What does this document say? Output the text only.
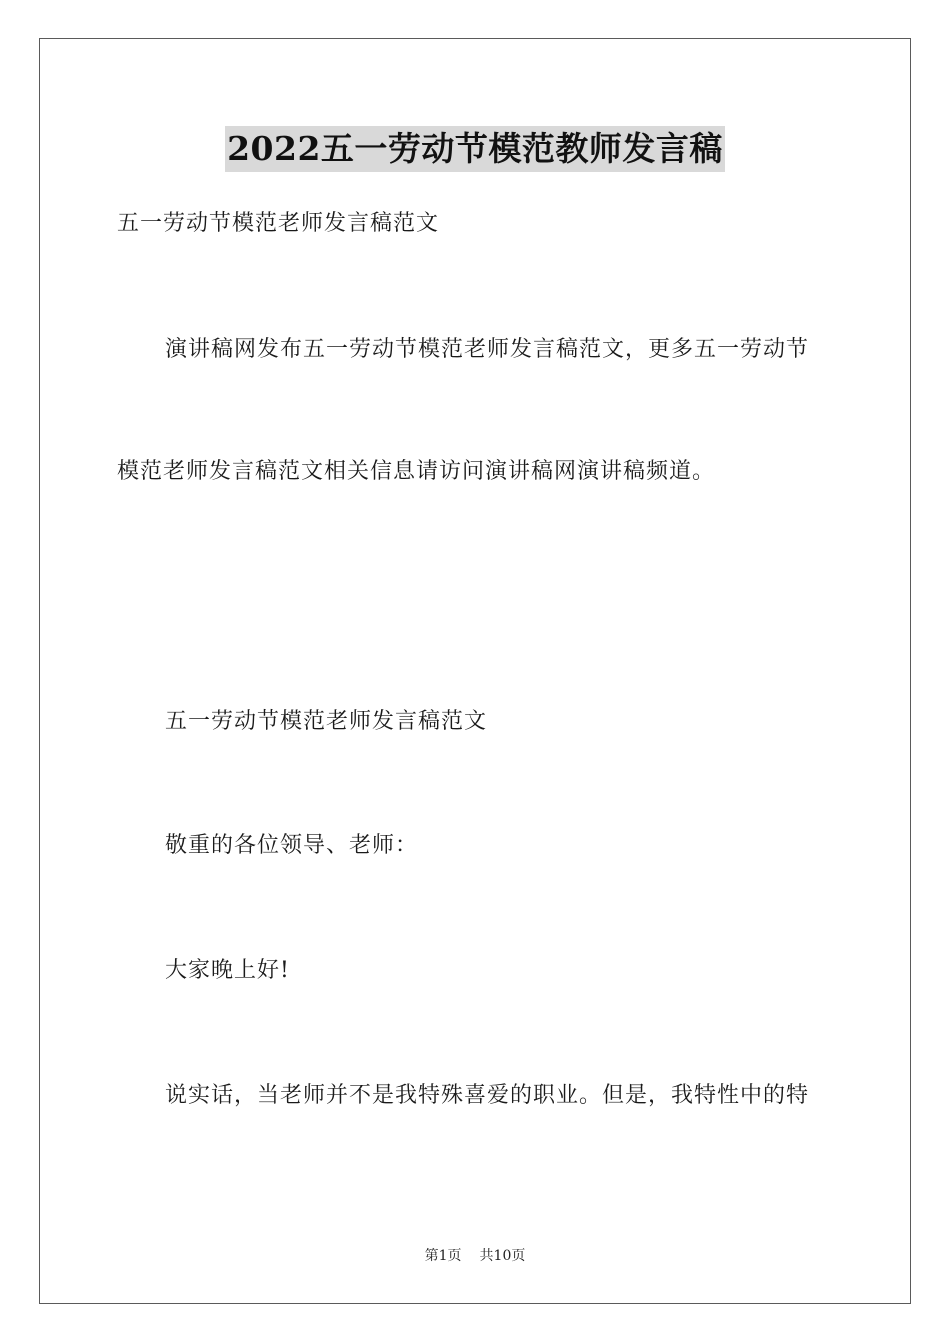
2022五一劳动节模范教师发言稿
五一劳动节模范老师发言稿范文
演讲稿网发布五一劳动节模范老师发言稿范文，更多五一劳动节
模范老师发言稿范文相关信息请访问演讲稿网演讲稿频道。
五一劳动节模范老师发言稿范文
敬重的各位领导、老师：
大家晚上好!
说实话，当老师并不是我特殊喜爱的职业。但是，我特性中的特
第1页 共10页
